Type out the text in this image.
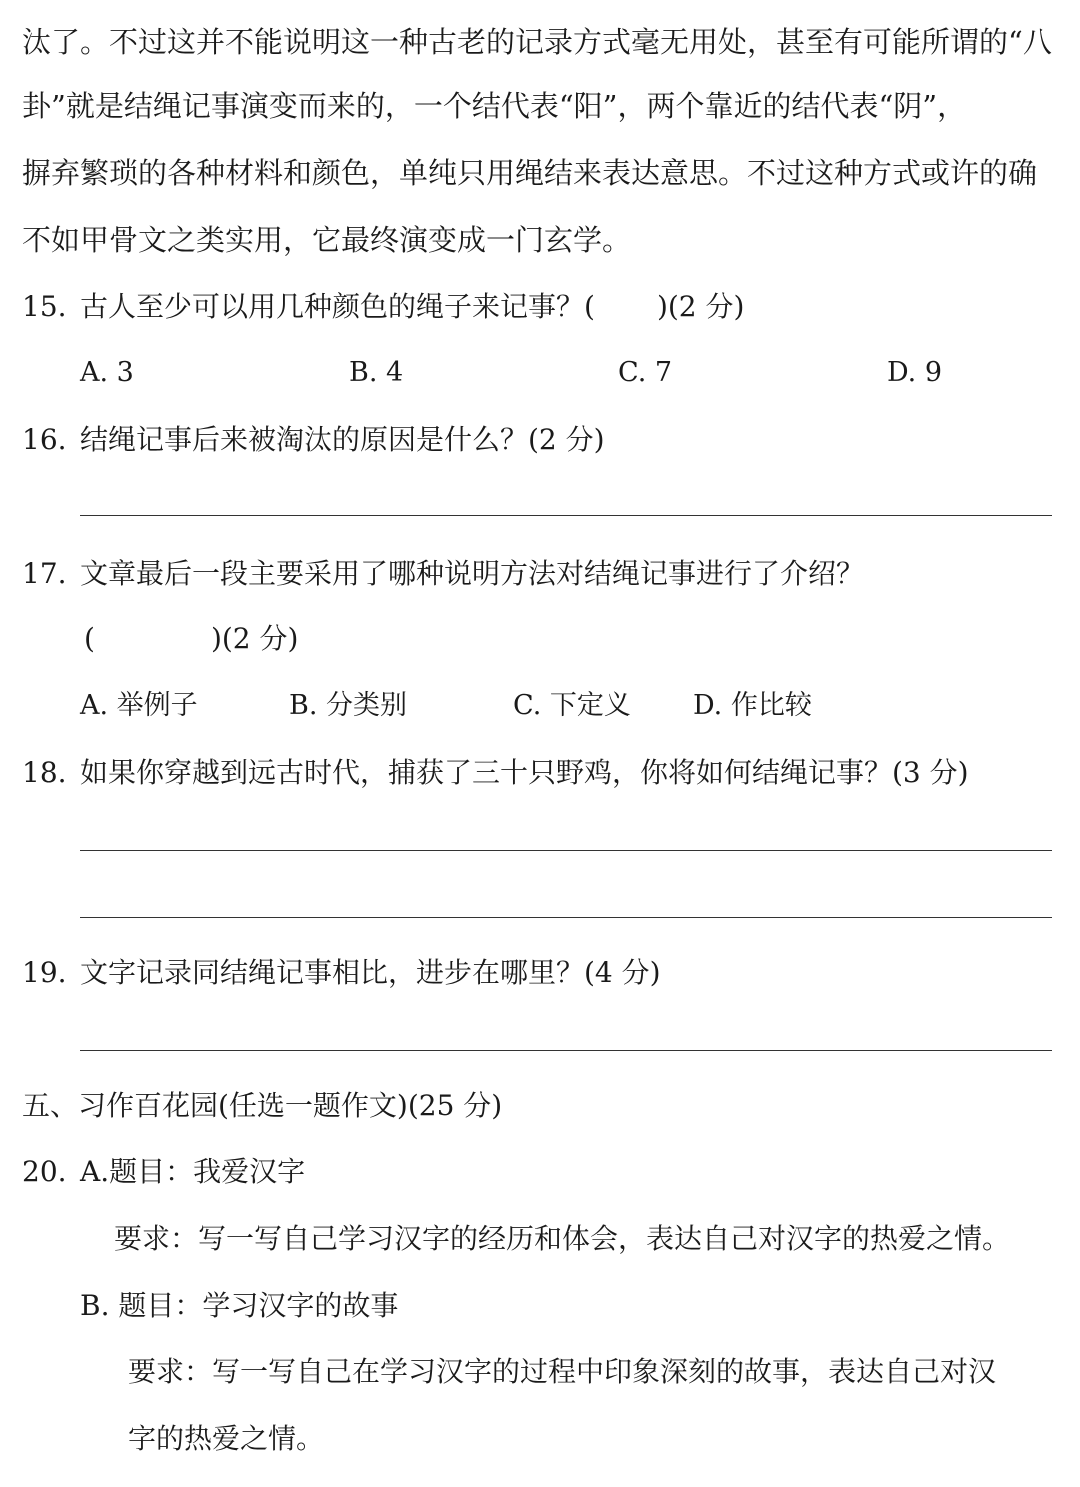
汰了。不过这并不能说明这一种古老的记录方式毫无用处，甚至有可能所谓的“八
卦”就是结绳记事演变而来的，一个结代表“阳”，两个靠近的结代表“阴”，
摒弃繁琐的各种材料和颜色，单纯只用绳结来表达意思。不过这种方式或许的确
不如甲骨文之类实用，它最终演变成一门玄学。
15. 古人至少可以用几种颜色的绳子来记事？( )(2 分)
A. 3	B. 4	C. 7	D. 9
16. 结绳记事后来被淘汰的原因是什么？(2 分)
17. 文章最后一段主要采用了哪种说明方法对结绳记事进行了介绍？
(	)(2 分)
A. 举例子	B. 分类别	C. 下定义 D. 作比较
18. 如果你穿越到远古时代，捕获了三十只野鸡，你将如何结绳记事？(3 分)
19. 文字记录同结绳记事相比，进步在哪里？(4 分)
五、习作百花园(任选一题作文)(25 分)
20. A.题目：我爱汉字
要求：写一写自己学习汉字的经历和体会，表达自己对汉字的热爱之情。
B. 题目：学习汉字的故事
要求：写一写自己在学习汉字的过程中印象深刻的故事，表达自己对汉
字的热爱之情。
